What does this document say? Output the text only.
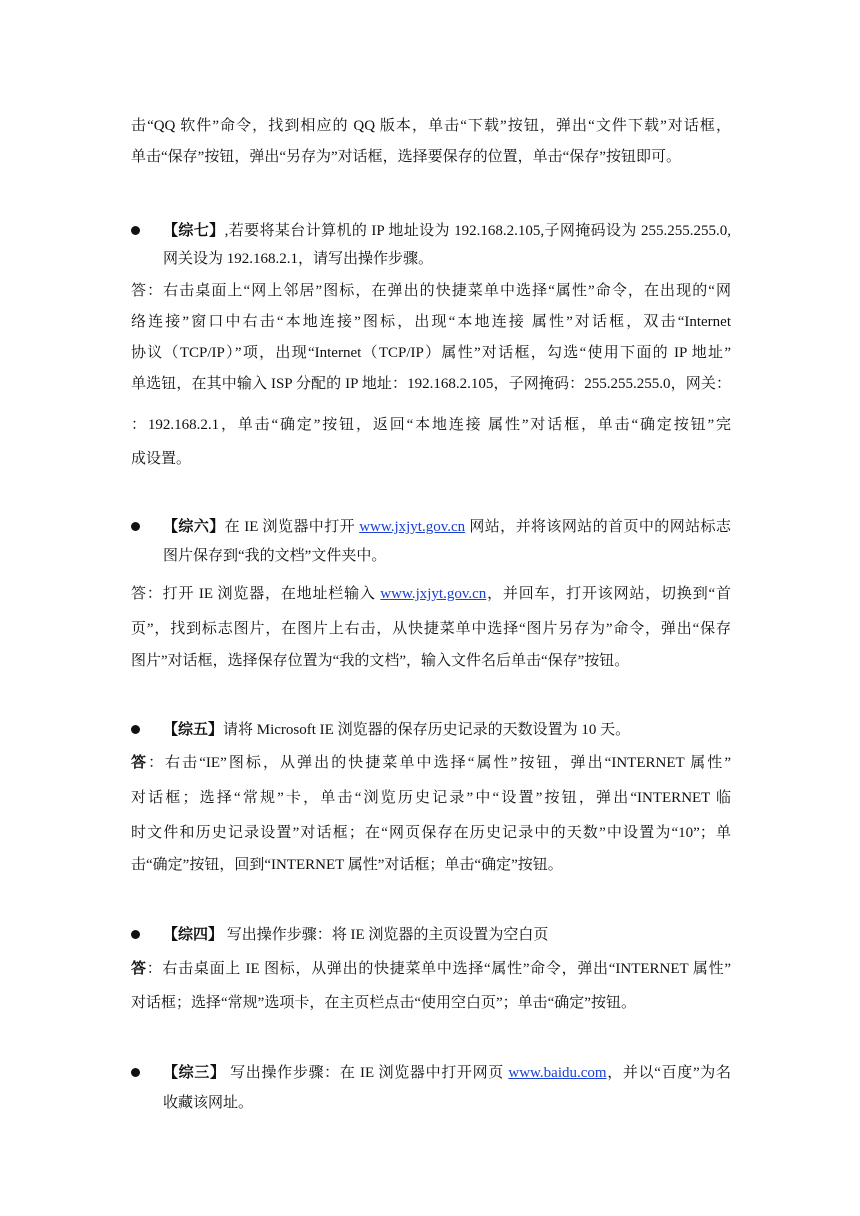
击“QQ 软件”命令，找到相应的 QQ 版本，单击“下载”按钮，弹出“文件下载”对话框，
单击“保存”按钮，弹出“另存为”对话框，选择要保存的位置，单击“保存”按钮即可。
【综七】,若要将某台计算机的 IP 地址设为 192.168.2.105,子网掩码设为 255.255.255.0,
网关设为 192.168.2.1，请写出操作步骤。
答：右击桌面上“网上邻居”图标，在弹出的快捷菜单中选择“属性”命令，在出现的“网
络连接”窗口中右击“本地连接”图标，出现“本地连接 属性”对话框，双击“Internet
协议（TCP/IP）”项，出现“Internet（TCP/IP）属性”对话框，勾选“使用下面的 IP 地址”
单选钮，在其中输入 ISP 分配的 IP 地址：192.168.2.105，子网掩码：255.255.255.0，网关：
：192.168.2.1，单击“确定”按钮，返回“本地连接 属性”对话框，单击“确定按钮”完
成设置。
【综六】在 IE 浏览器中打开 www.jxjyt.gov.cn 网站，并将该网站的首页中的网站标志
图片保存到“我的文档”文件夹中。
答：打开 IE 浏览器，在地址栏输入 www.jxjyt.gov.cn，并回车，打开该网站，切换到“首
页”，找到标志图片，在图片上右击，从快捷菜单中选择“图片另存为”命令，弹出“保存
图片”对话框，选择保存位置为“我的文档”，输入文件名后单击“保存”按钮。
【综五】请将 Microsoft IE 浏览器的保存历史记录的天数设置为 10 天。
答：右击“IE”图标，从弹出的快捷菜单中选择“属性”按钮，弹出“INTERNET 属性”
对话框；选择“常规”卡，单击“浏览历史记录”中“设置”按钮，弹出“INTERNET 临
时文件和历史记录设置”对话框；在“网页保存在历史记录中的天数”中设置为“10”；单
击“确定”按钮，回到“INTERNET 属性”对话框；单击“确定”按钮。
【综四】 写出操作步骤：将 IE 浏览器的主页设置为空白页
答：右击桌面上 IE 图标，从弹出的快捷菜单中选择“属性”命令，弹出“INTERNET 属性”
对话框；选择“常规”选项卡，在主页栏点击“使用空白页”；单击“确定”按钮。
【综三】 写出操作步骤：在 IE 浏览器中打开网页 www.baidu.com，并以“百度”为名
收藏该网址。
